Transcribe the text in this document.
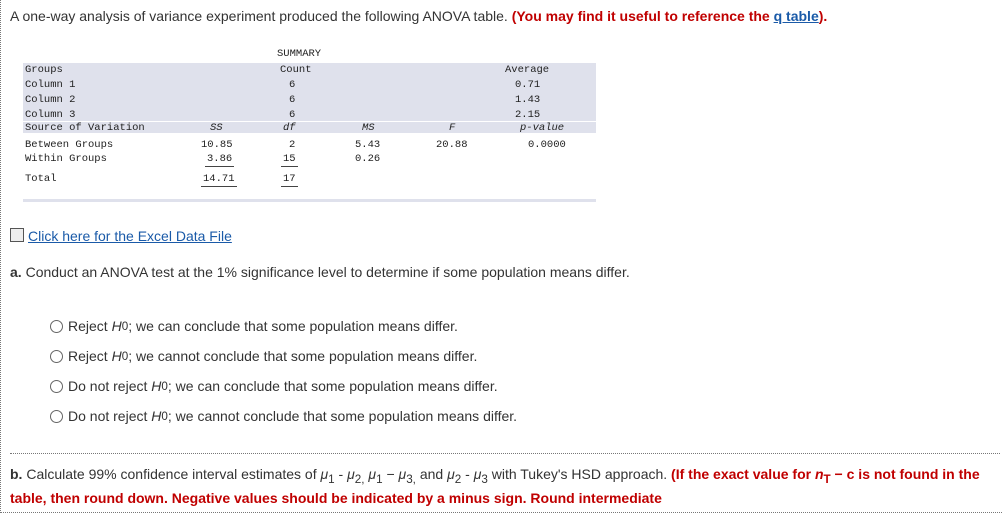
A one-way analysis of variance experiment produced the following ANOVA table. (You may find it useful to reference the q table).
SUMMARY
Groups	Count	Average
Column 1	6	0.71
Column 2	6	1.43
Column 3	6	2.15
Source of Variation	SS	df	MS	F	p-value
Between Groups	10.85	2	5.43	20.88	0.0000
Within Groups	3.86	15	0.26
Total	14.71	17
Click here for the Excel Data File
a. Conduct an ANOVA test at the 1% significance level to determine if some population means differ.
Reject
H 0 ; we can conclude that some population means differ.
Reject
H 0 ; we cannot conclude that some population means differ.
Do not reject
H 0 ; we can conclude that some population means differ.
Do not reject
H 0 ; we cannot conclude that some population means differ.
b. Calculate 99% confidence interval estimates of $\mu_1 - \mu_{2,}$ $\mu_1 - \mu_{3,}$ and $\mu_2 - \mu_3$ with Tukey's HSD approach. (If the exact value for $n_T - c$ is not found in the table, then round down. Negative values should be indicated by a minus sign. Round intermediate
